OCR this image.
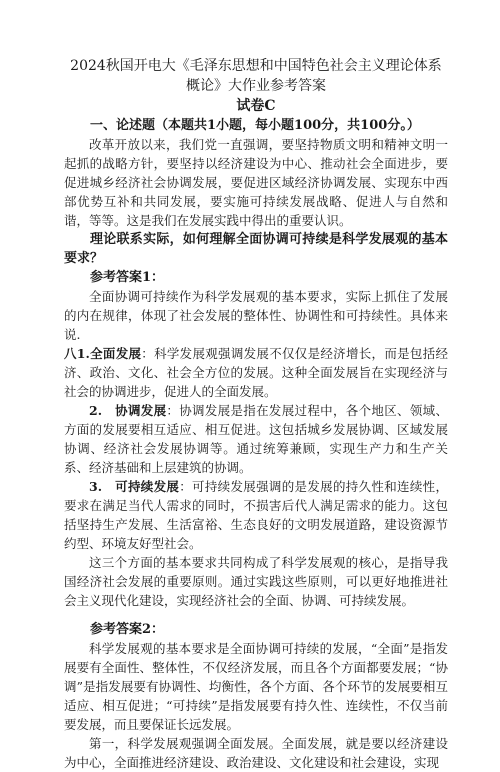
2024秋国开电大《毛泽东思想和中国特色社会主义理论体系概论》大作业参考答案
试卷C

一、论述题（本题共1小题，每小题100分，共100分。）

改革开放以来，我们党一直强调，要坚持物质文明和精神文明一起抓的战略方针，要坚持以经济建设为中心、推动社会全面进步，要促进城乡经济社会协调发展，要促进区域经济协调发展、实现东中西部优势互补和共同发展，要实施可持续发展战略、促进人与自然和谐，等等。这是我们在发展实践中得出的重要认识。

理论联系实际，如何理解全面协调可持续是科学发展观的基本要求？

参考答案1：

全面协调可持续作为科学发展观的基本要求，实际上抓住了发展的内在规律，体现了社会发展的整体性、协调性和可持续性。具体来说.

八1.全面发展：科学发展观强调发展不仅仅是经济增长，而是包括经济、政治、文化、社会全方位的发展。这种全面发展旨在实现经济与社会的协调进步，促进人的全面发展。

2.　协调发展：协调发展是指在发展过程中，各个地区、领域、方面的发展要相互适应、相互促进。这包括城乡发展协调、区域发展协调、经济社会发展协调等。通过统筹兼顾，实现生产力和生产关系、经济基础和上层建筑的协调。

3.　可持续发展：可持续发展强调的是发展的持久性和连续性，要求在满足当代人需求的同时，不损害后代人满足需求的能力。这包括坚持生产发展、生活富裕、生态良好的文明发展道路，建设资源节约型、环境友好型社会。

这三个方面的基本要求共同构成了科学发展观的核心，是指导我国经济社会发展的重要原则。通过实践这些原则，可以更好地推进社会主义现代化建设，实现经济社会的全面、协调、可持续发展。

参考答案2：

科学发展观的基本要求是全面协调可持续的发展，“全面”是指发展要有全面性、整体性，不仅经济发展，而且各个方面都要发展；“协调”是指发展要有协调性、均衡性，各个方面、各个环节的发展要相互适应、相互促进；“可持续”是指发展要有持久性、连续性，不仅当前要发展，而且要保证长远发展。

第一，科学发展观强调全面发展。全面发展，就是要以经济建设为中心，全面推进经济建设、政治建设、文化建设和社会建设，实现
